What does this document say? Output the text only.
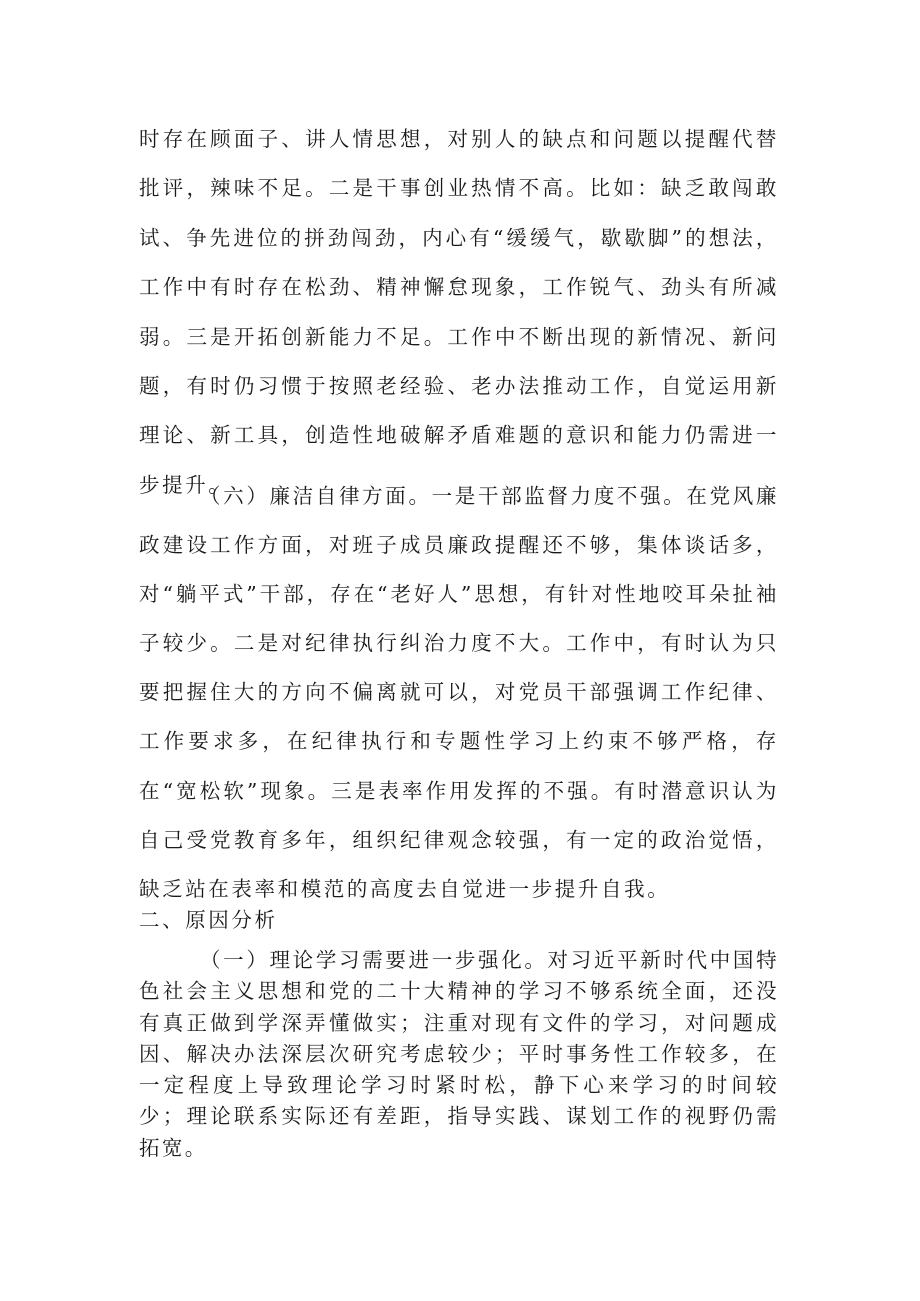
时存在顾面子、讲人情思想，对别人的缺点和问题以提醒代替批评，辣味不足。二是干事创业热情不高。比如：缺乏敢闯敢试、争先进位的拼劲闯劲，内心有“缓缓气，歇歇脚”的想法，工作中有时存在松劲、精神懈怠现象，工作锐气、劲头有所减弱。三是开拓创新能力不足。工作中不断出现的新情况、新问题，有时仍习惯于按照老经验、老办法推动工作，自觉运用新理论、新工具，创造性地破解矛盾难题的意识和能力仍需进一步提升。

（六）廉洁自律方面。一是干部监督力度不强。在党风廉政建设工作方面，对班子成员廉政提醒还不够，集体谈话多，对“躺平式”干部，存在“老好人”思想，有针对性地咬耳朵扯袖子较少。二是对纪律执行纠治力度不大。工作中，有时认为只要把握住大的方向不偏离就可以，对党员干部强调工作纪律、工作要求多，在纪律执行和专题性学习上约束不够严格，存在“宽松软”现象。三是表率作用发挥的不强。有时潜意识认为自己受党教育多年，组织纪律观念较强，有一定的政治觉悟，缺乏站在表率和模范的高度去自觉进一步提升自我。

二、原因分析

（一）理论学习需要进一步强化。对习近平新时代中国特色社会主义思想和党的二十大精神的学习不够系统全面，还没有真正做到学深弄懂做实；注重对现有文件的学习，对问题成因、解决办法深层次研究考虑较少；平时事务性工作较多，在一定程度上导致理论学习时紧时松，静下心来学习的时间较少；理论联系实际还有差距，指导实践、谋划工作的视野仍需拓宽。
